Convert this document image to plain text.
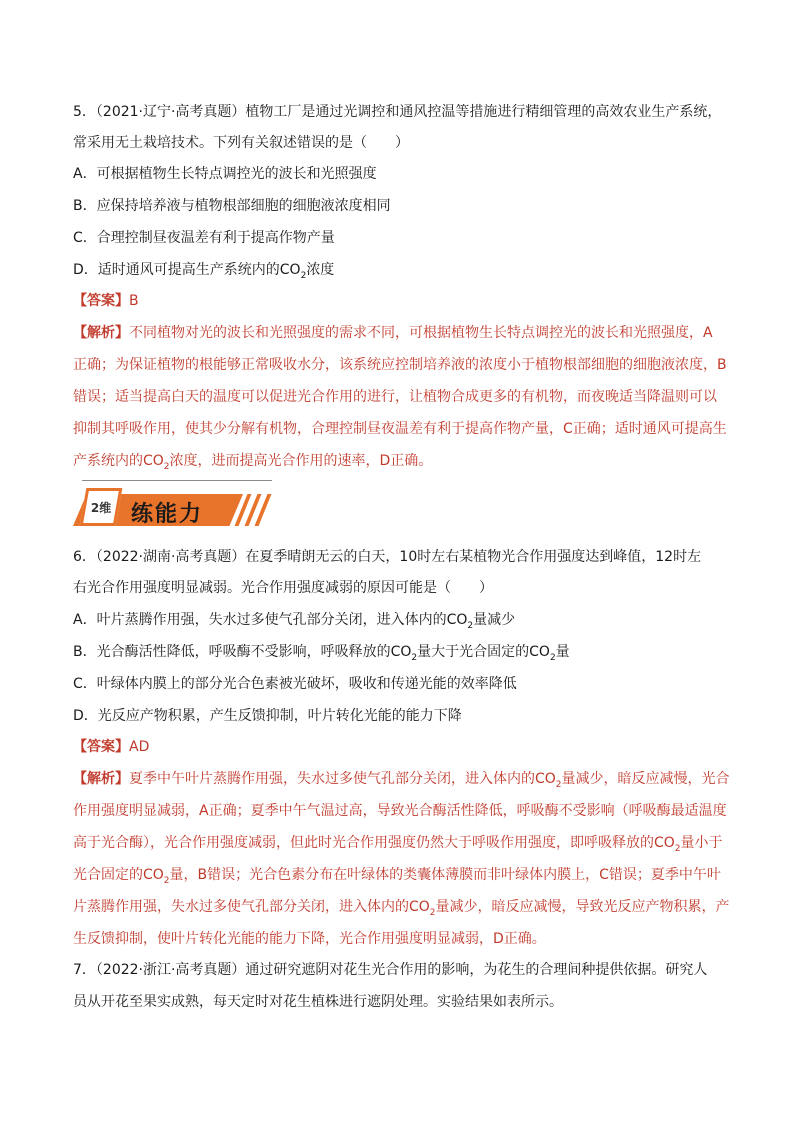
5．（2021·辽宁·高考真题）植物工厂是通过光调控和通风控温等措施进行精细管理的高效农业生产系统，
常采用无土栽培技术。下列有关叙述错误的是（　　）
A．可根据植物生长特点调控光的波长和光照强度
B．应保持培养液与植物根部细胞的细胞液浓度相同
C．合理控制昼夜温差有利于提高作物产量
D．适时通风可提高生产系统内的$CO_2$浓度
【答案】B
【解析】不同植物对光的波长和光照强度的需求不同，可根据植物生长特点调控光的波长和光照强度，A
正确；为保证植物的根能够正常吸收水分，该系统应控制培养液的浓度小于植物根部细胞的细胞液浓度，B
错误；适当提高白天的温度可以促进光合作用的进行，让植物合成更多的有机物，而夜晚适当降温则可以
抑制其呼吸作用，使其少分解有机物，合理控制昼夜温差有利于提高作物产量，C正确；适时通风可提高生
产系统内的$CO_2$浓度，进而提高光合作用的速率，D正确。
2维 练能力
6．（2022·湖南·高考真题）在夏季晴朗无云的白天，10时左右某植物光合作用强度达到峰值，12时左
右光合作用强度明显减弱。光合作用强度减弱的原因可能是（　　）
A．叶片蒸腾作用强，失水过多使气孔部分关闭，进入体内的$CO_2$量减少
B．光合酶活性降低，呼吸酶不受影响，呼吸释放的$CO_2$量大于光合固定的$CO_2$量
C．叶绿体内膜上的部分光合色素被光破坏，吸收和传递光能的效率降低
D．光反应产物积累，产生反馈抑制，叶片转化光能的能力下降
【答案】AD
【解析】夏季中午叶片蒸腾作用强，失水过多使气孔部分关闭，进入体内的$CO_2$量减少，暗反应减慢，光合
作用强度明显减弱，A正确；夏季中午气温过高，导致光合酶活性降低，呼吸酶不受影响（呼吸酶最适温度
高于光合酶），光合作用强度减弱，但此时光合作用强度仍然大于呼吸作用强度，即呼吸释放的$CO_2$量小于
光合固定的$CO_2$量，B错误；光合色素分布在叶绿体的类囊体薄膜而非叶绿体内膜上，C错误；夏季中午叶
片蒸腾作用强，失水过多使气孔部分关闭，进入体内的$CO_2$量减少，暗反应减慢，导致光反应产物积累，产
生反馈抑制，使叶片转化光能的能力下降，光合作用强度明显减弱，D正确。
7．（2022·浙江·高考真题）通过研究遮阴对花生光合作用的影响，为花生的合理间种提供依据。研究人
员从开花至果实成熟，每天定时对花生植株进行遮阴处理。实验结果如表所示。
